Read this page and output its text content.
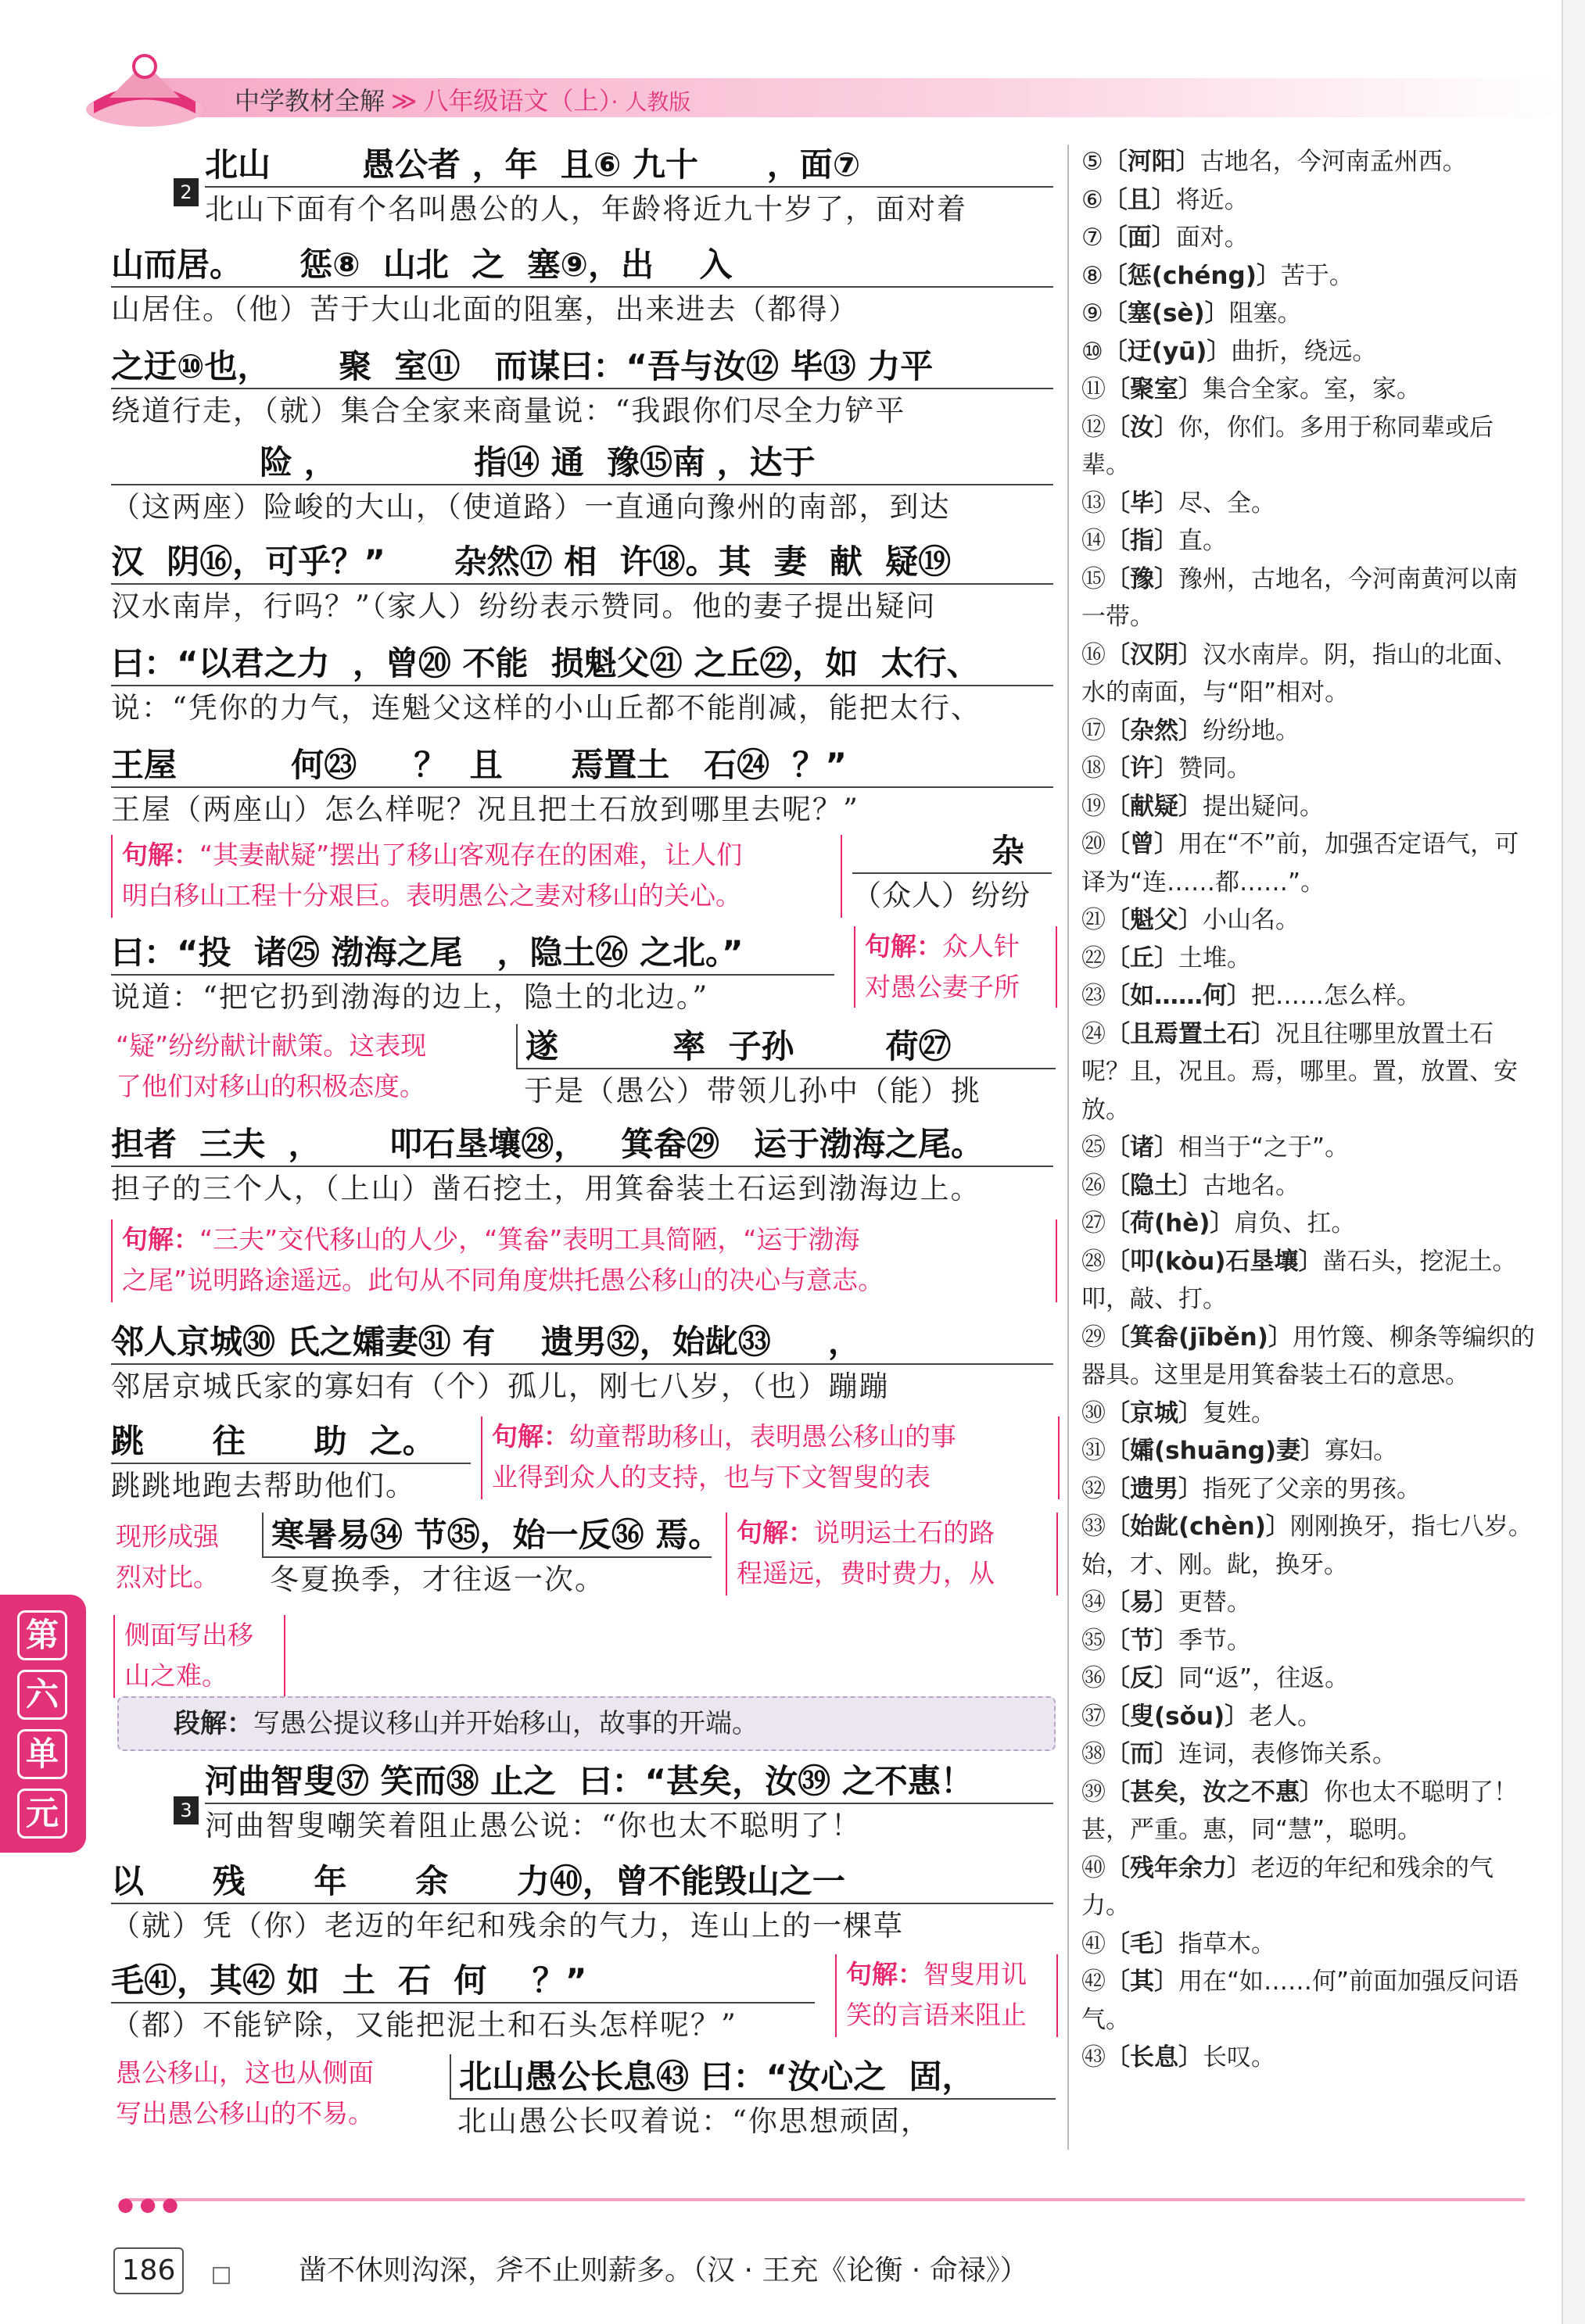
中学教材全解 ≫ 八年级语文（上）· 人教版
2
3
北山        愚公者 ，年  且⑥ 九十      ，面⑦
北山下面有个名叫愚公的人，年龄将近九十岁了，面对着
山而居。     惩⑧  山北  之  塞⑨，出    入
山居住。（他）苦于大山北面的阻塞，出来进去（都得）
之迂⑩也，      聚  室⑪   而谋曰：“吾与汝⑫ 毕⑬ 力平
绕道行走，（就）集合全家来商量说：“我跟你们尽全力铲平
险 ，            指⑭ 通  豫⑮南 ，达于
（这两座）险峻的大山，（使道路）一直通向豫州的南部，到达
汉  阴⑯，可乎？”      杂然⑰ 相  许⑱。其  妻  献  疑⑲
汉水南岸，行吗？”（家人）纷纷表示赞同。他的妻子提出疑问
曰：“以君之力  ，曾⑳ 不能  损魁父㉑ 之丘㉒，如  太行、
说：“凭你的力气，连魁父这样的小山丘都不能削减，能把太行、
王屋          何㉓     ？  且      焉置土   石㉔  ？”
王屋（两座山）怎么样呢？况且把土石放到哪里去呢？”
句解：“其妻献疑”摆出了移山客观存在的困难，让人们
明白移山工程十分艰巨。表明愚公之妻对移山的关心。
杂
（众人）纷纷
曰：“投  诸㉕ 渤海之尾   ，隐土㉖ 之北。”
说道：“把它扔到渤海的边上，隐土的北边。”
句解：众人针
对愚公妻子所
“疑”纷纷献计献策。这表现
了他们对移山的积极态度。
遂          率  子孙        荷㉗
于是（愚公）带领儿孙中（能）挑
担者  三夫  ，      叩石垦壤㉘，   箕畚㉙   运于渤海之尾。
担子的三个人，（上山）凿石挖土，用箕畚装土石运到渤海边上。
句解：“三夫”交代移山的人少，“箕畚”表明工具简陋，“运于渤海
之尾”说明路途遥远。此句从不同角度烘托愚公移山的决心与意志。
邻人京城㉚ 氏之孀妻㉛ 有    遗男㉜，始龀㉝     ，
邻居京城氏家的寡妇有（个）孤儿，刚七八岁，（也）蹦蹦
跳      往      助  之。
跳跳地跑去帮助他们。
句解：幼童帮助移山，表明愚公移山的事
业得到众人的支持，也与下文智叟的表
现形成强
烈对比。
寒暑易㉞ 节㉟，始一反㊱ 焉。
冬夏换季，才往返一次。
句解：说明运土石的路
程遥远，费时费力，从
侧面写出移
山之难。
段解：写愚公提议移山并开始移山，故事的开端。
河曲智叟㊲ 笑而㊳ 止之  曰：“甚矣，汝㊴ 之不惠！
河曲智叟嘲笑着阻止愚公说：“你也太不聪明了！
以      残      年      余      力㊵，曾不能毁山之一
（就）凭（你）老迈的年纪和残余的气力，连山上的一棵草
毛㊶，其㊷ 如  土  石  何    ？”
（都）不能铲除，又能把泥土和石头怎样呢？”
句解：智叟用讥
笑的言语来阻止
愚公移山，这也从侧面
写出愚公移山的不易。
北山愚公长息㊸ 曰：“汝心之  固，
北山愚公长叹着说：“你思想顽固，
第
六
单
元
⑤〔河阳〕古地名，今河南孟州西。
⑥〔且〕将近。
⑦〔面〕面对。
⑧〔惩(chéng)〕苦于。
⑨〔塞(sè)〕阻塞。
⑩〔迂(yū)〕曲折，绕远。
⑪〔聚室〕集合全家。室，家。
⑫〔汝〕你，你们。多用于称同辈或后辈。
⑬〔毕〕尽、全。
⑭〔指〕直。
⑮〔豫〕豫州，古地名，今河南黄河以南一带。
⑯〔汉阴〕汉水南岸。阴，指山的北面、水的南面，与“阳”相对。
⑰〔杂然〕纷纷地。
⑱〔许〕赞同。
⑲〔献疑〕提出疑问。
⑳〔曾〕用在“不”前，加强否定语气，可译为“连……都……”。
㉑〔魁父〕小山名。
㉒〔丘〕土堆。
㉓〔如……何〕把……怎么样。
㉔〔且焉置土石〕况且往哪里放置土石呢？且，况且。焉，哪里。置，放置、安放。
㉕〔诸〕相当于“之于”。
㉖〔隐土〕古地名。
㉗〔荷(hè)〕肩负、扛。
㉘〔叩(kòu)石垦壤〕凿石头，挖泥土。叩，敲、打。
㉙〔箕畚(jīběn)〕用竹篾、柳条等编织的器具。这里是用箕畚装土石的意思。
㉚〔京城〕复姓。
㉛〔孀(shuāng)妻〕寡妇。
㉜〔遗男〕指死了父亲的男孩。
㉝〔始龀(chèn)〕刚刚换牙，指七八岁。始，才、刚。龀，换牙。
㉞〔易〕更替。
㉟〔节〕季节。
㊱〔反〕同“返”，往返。
㊲〔叟(sǒu)〕老人。
㊳〔而〕连词，表修饰关系。
㊴〔甚矣，汝之不惠〕你也太不聪明了！甚，严重。惠，同“慧”，聪明。
㊵〔残年余力〕老迈的年纪和残余的气力。
㊶〔毛〕指草木。
㊷〔其〕用在“如……何”前面加强反问语气。
㊸〔长息〕长叹。
● ● ●
186	凿不休则沟深，斧不止则薪多。（汉 · 王充《论衡 · 命禄》）
